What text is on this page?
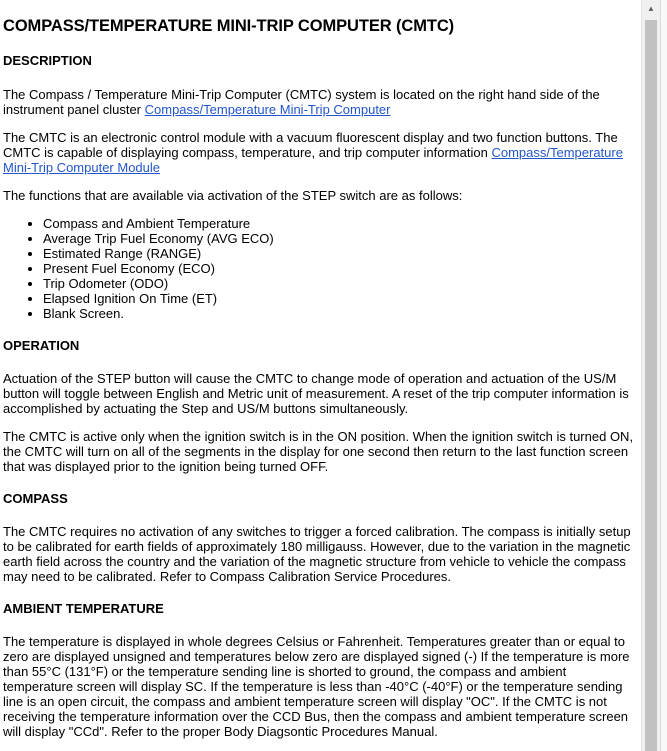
COMPASS/TEMPERATURE MINI-TRIP COMPUTER (CMTC)
DESCRIPTION

The Compass / Temperature Mini-Trip Computer (CMTC) system is located on the right hand side of the instrument panel cluster Compass/Temperature Mini-Trip Computer

The CMTC is an electronic control module with a vacuum fluorescent display and two function buttons. The CMTC is capable of displaying compass, temperature, and trip computer information Compass/Temperature Mini-Trip Computer Module

The functions that are available via activation of the STEP switch are as follows:

• Compass and Ambient Temperature
• Average Trip Fuel Economy (AVG ECO)
• Estimated Range (RANGE)
• Present Fuel Economy (ECO)
• Trip Odometer (ODO)
• Elapsed Ignition On Time (ET)
• Blank Screen.
OPERATION

Actuation of the STEP button will cause the CMTC to change mode of operation and actuation of the US/M button will toggle between English and Metric unit of measurement. A reset of the trip computer information is accomplished by actuating the Step and US/M buttons simultaneously.

The CMTC is active only when the ignition switch is in the ON position. When the ignition switch is turned ON, the CMTC will turn on all of the segments in the display for one second then return to the last function screen that was displayed prior to the ignition being turned OFF.

COMPASS

The CMTC requires no activation of any switches to trigger a forced calibration. The compass is initially setup to be calibrated for earth fields of approximately 180 milligauss. However, due to the variation in the magnetic earth field across the country and the variation of the magnetic structure from vehicle to vehicle the compass may need to be calibrated. Refer to Compass Calibration Service Procedures.

AMBIENT TEMPERATURE

The temperature is displayed in whole degrees Celsius or Fahrenheit. Temperatures greater than or equal to zero are displayed unsigned and temperatures below zero are displayed signed (-) If the temperature is more than 55°C (131°F) or the temperature sending line is shorted to ground, the compass and ambient temperature screen will display SC. If the temperature is less than -40°C (-40°F) or the temperature sending line is an open circuit, the compass and ambient temperature screen will display "OC". If the CMTC is not receiving the temperature information over the CCD Bus, then the compass and ambient temperature screen will display "CCd". Refer to the proper Body Diagsontic Procedures Manual.

▲
